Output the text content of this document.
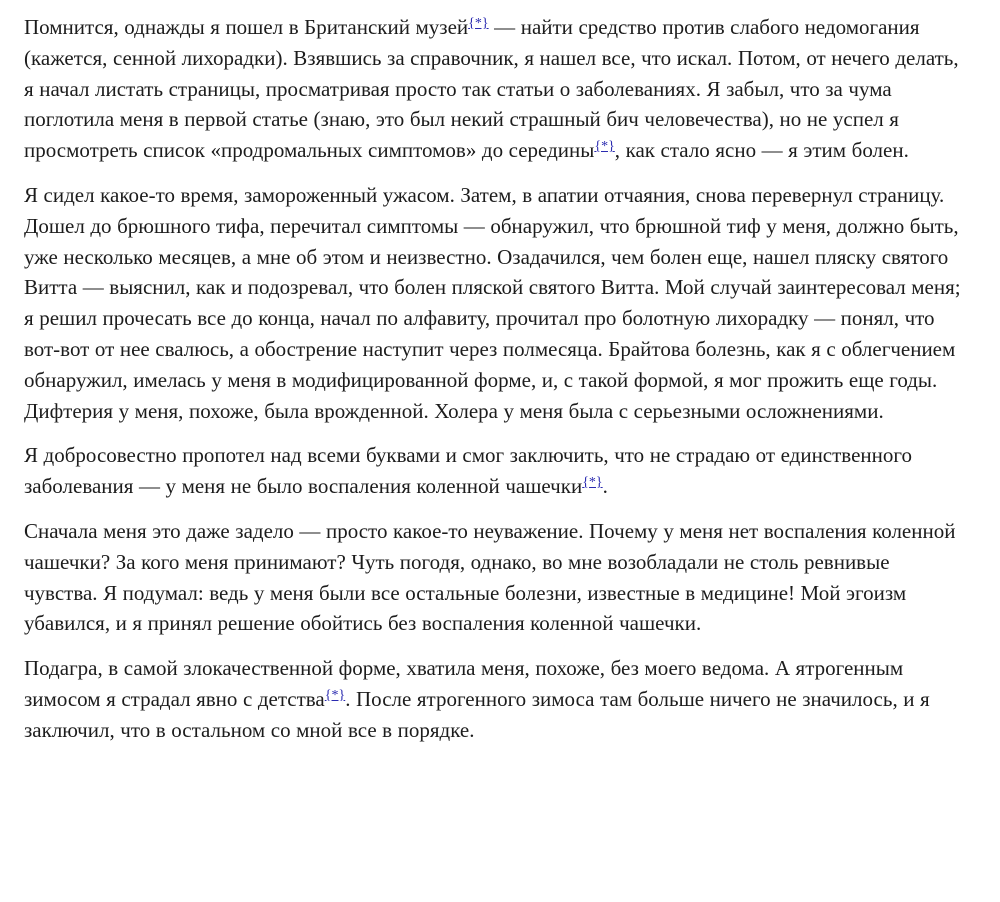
Помнится, однажды я пошел в Британский музей{*} — найти средство против слабого недомогания (кажется, сенной лихорадки). Взявшись за справочник, я нашел все, что искал. Потом, от нечего делать, я начал листать страницы, просматривая просто так статьи о заболеваниях. Я забыл, что за чума поглотила меня в первой статье (знаю, это был некий страшный бич человечества), но не успел я просмотреть список «продромальных симптомов» до середины{*}, как стало ясно — я этим болен.

Я сидел какое-то время, замороженный ужасом. Затем, в апатии отчаяния, снова перевернул страницу. Дошел до брюшного тифа, перечитал симптомы — обнаружил, что брюшной тиф у меня, должно быть, уже несколько месяцев, а мне об этом и неизвестно. Озадачился, чем болен еще, нашел пляску святого Витта — выяснил, как и подозревал, что болен пляской святого Витта. Мой случай заинтересовал меня; я решил прочесать все до конца, начал по алфавиту, прочитал про болотную лихорадку — понял, что вот-вот от нее свалюсь, а обострение наступит через полмесяца. Брайтова болезнь, как я с облегчением обнаружил, имелась у меня в модифицированной форме, и, с такой формой, я мог прожить еще годы. Дифтерия у меня, похоже, была врожденной. Холера у меня была с серьезными осложнениями.

Я добросовестно пропотел над всеми буквами и смог заключить, что не страдаю от единственного заболевания — у меня не было воспаления коленной чашечки{*}.

Сначала меня это даже задело — просто какое-то неуважение. Почему у меня нет воспаления коленной чашечки? За кого меня принимают? Чуть погодя, однако, во мне возобладали не столь ревнивые чувства. Я подумал: ведь у меня были все остальные болезни, известные в медицине! Мой эгоизм убавился, и я принял решение обойтись без воспаления коленной чашечки.

Подагра, в самой злокачественной форме, хватила меня, похоже, без моего ведома. А ятрогенным зимосом я страдал явно с детства{*}. После ятрогенного зимоса там больше ничего не значилось, и я заключил, что в остальном со мной все в порядке.
